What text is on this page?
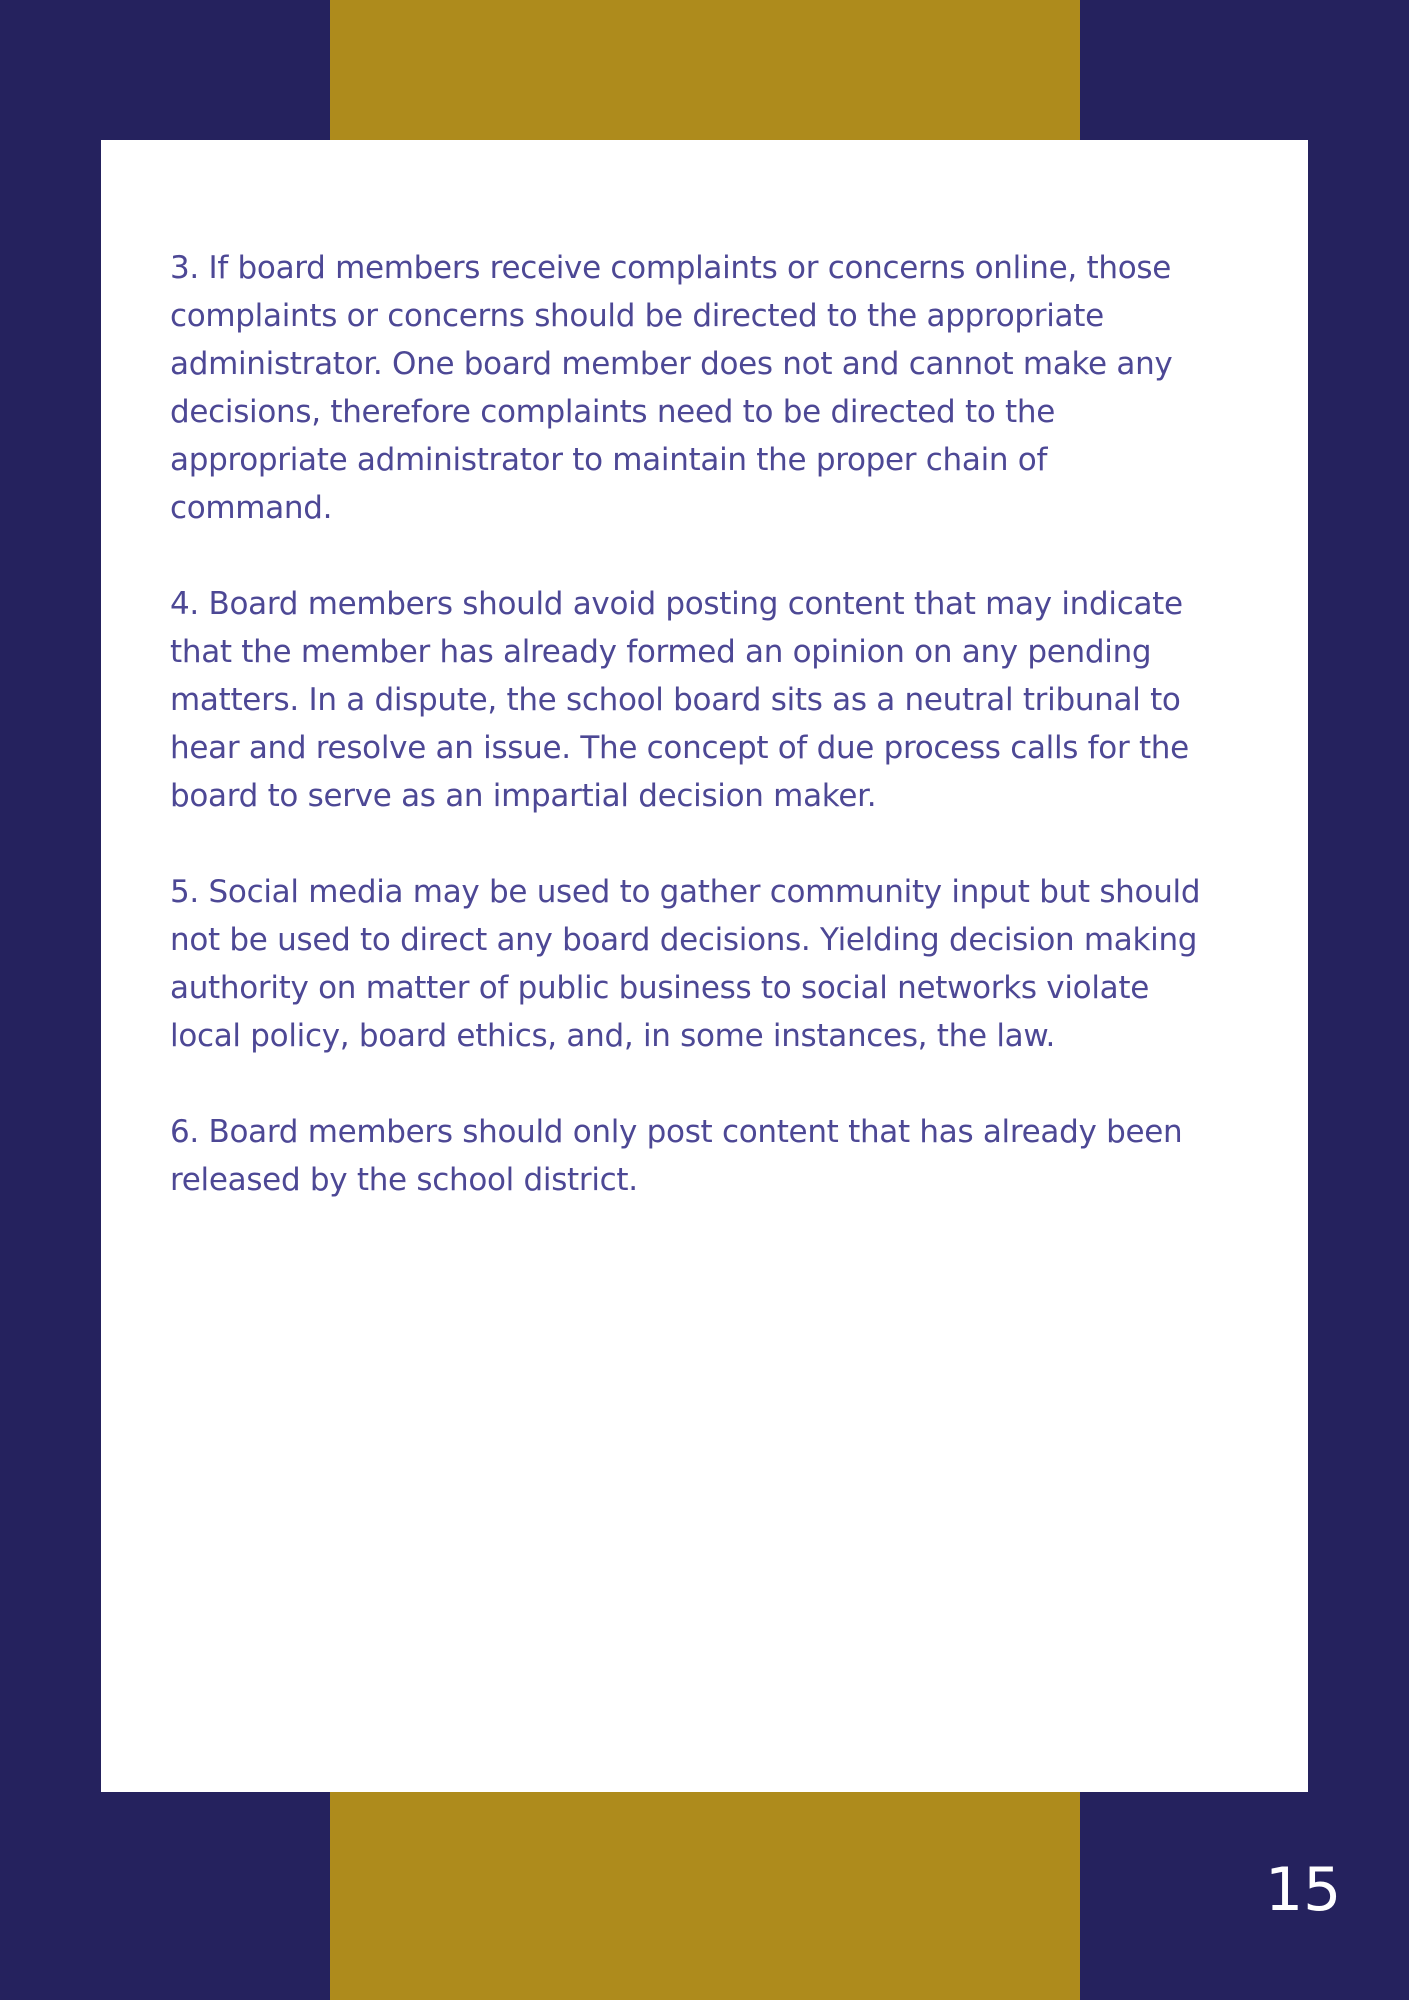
3. If board members receive complaints or concerns online, those complaints or concerns should be directed to the appropriate administrator. One board member does not and cannot make any decisions, therefore complaints need to be directed to the appropriate administrator to maintain the proper chain of command.

4. Board members should avoid posting content that may indicate that the member has already formed an opinion on any pending matters. In a dispute, the school board sits as a neutral tribunal to hear and resolve an issue. The concept of due process calls for the board to serve as an impartial decision maker.

5. Social media may be used to gather community input but should not be used to direct any board decisions. Yielding decision making authority on matter of public business to social networks violate local policy, board ethics, and, in some instances, the law.

6. Board members should only post content that has already been released by the school district.

15
